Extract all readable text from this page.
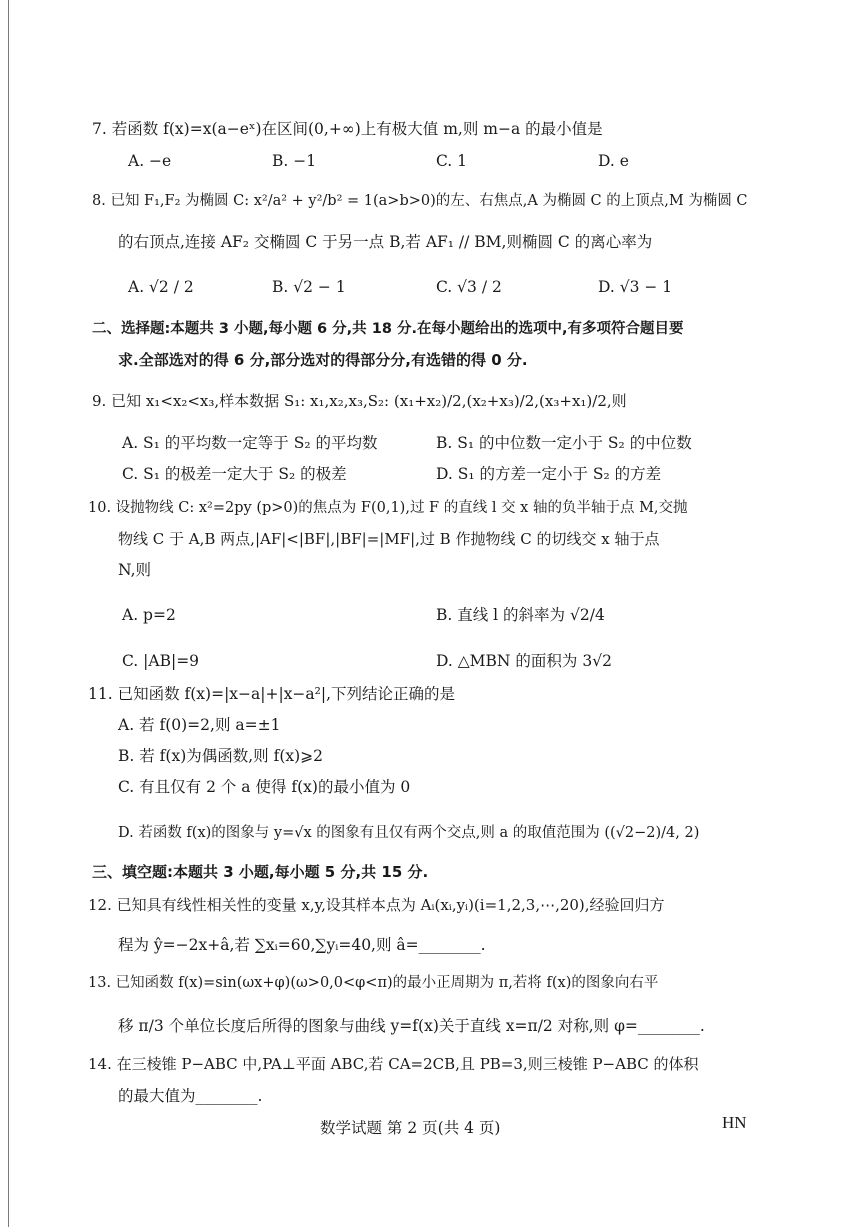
7. 若函数 f(x)=x(a−eˣ)在区间(0,+∞)上有极大值 m,则 m−a 的最小值是
A. −e	B. −1	C. 1	D. e
8. 已知 F₁,F₂ 为椭圆 C: x²/a² + y²/b² = 1(a>b>0)的左、右焦点,A 为椭圆 C 的上顶点,M 为椭圆 C
的右顶点,连接 AF₂ 交椭圆 C 于另一点 B,若 AF₁ // BM,则椭圆 C 的离心率为
A. √2 / 2	B. √2 − 1	C. √3 / 2	D. √3 − 1
二、选择题:本题共 3 小题,每小题 6 分,共 18 分.在每小题给出的选项中,有多项符合题目要
求.全部选对的得 6 分,部分选对的得部分分,有选错的得 0 分.
9. 已知 x₁<x₂<x₃,样本数据 S₁: x₁,x₂,x₃,S₂: (x₁+x₂)/2,(x₂+x₃)/2,(x₃+x₁)/2,则
A. S₁ 的平均数一定等于 S₂ 的平均数	B. S₁ 的中位数一定小于 S₂ 的中位数
C. S₁ 的极差一定大于 S₂ 的极差	D. S₁ 的方差一定小于 S₂ 的方差
10. 设抛物线 C: x²=2py (p>0)的焦点为 F(0,1),过 F 的直线 l 交 x 轴的负半轴于点 M,交抛
物线 C 于 A,B 两点,|AF|<|BF|,|BF|=|MF|,过 B 作抛物线 C 的切线交 x 轴于点
N,则
A. p=2	B. 直线 l 的斜率为 √2/4
C. |AB|=9	D. △MBN 的面积为 3√2
11. 已知函数 f(x)=|x−a|+|x−a²|,下列结论正确的是
A. 若 f(0)=2,则 a=±1
B. 若 f(x)为偶函数,则 f(x)⩾2
C. 有且仅有 2 个 a 使得 f(x)的最小值为 0
D. 若函数 f(x)的图象与 y=√x 的图象有且仅有两个交点,则 a 的取值范围为 ((√2−2)/4, 2)
三、填空题:本题共 3 小题,每小题 5 分,共 15 分.
12. 已知具有线性相关性的变量 x,y,设其样本点为 Aᵢ(xᵢ,yᵢ)(i=1,2,3,⋯,20),经验回归方
程为 ŷ=−2x+â,若 ∑xᵢ=60,∑yᵢ=40,则 â=________.
13. 已知函数 f(x)=sin(ωx+φ)(ω>0,0<φ<π)的最小正周期为 π,若将 f(x)的图象向右平
移 π/3 个单位长度后所得的图象与曲线 y=f(x)关于直线 x=π/2 对称,则 φ=________.
14. 在三棱锥 P−ABC 中,PA⊥平面 ABC,若 CA=2CB,且 PB=3,则三棱锥 P−ABC 的体积
的最大值为________.
数学试题 第 2 页(共 4 页)	HN
